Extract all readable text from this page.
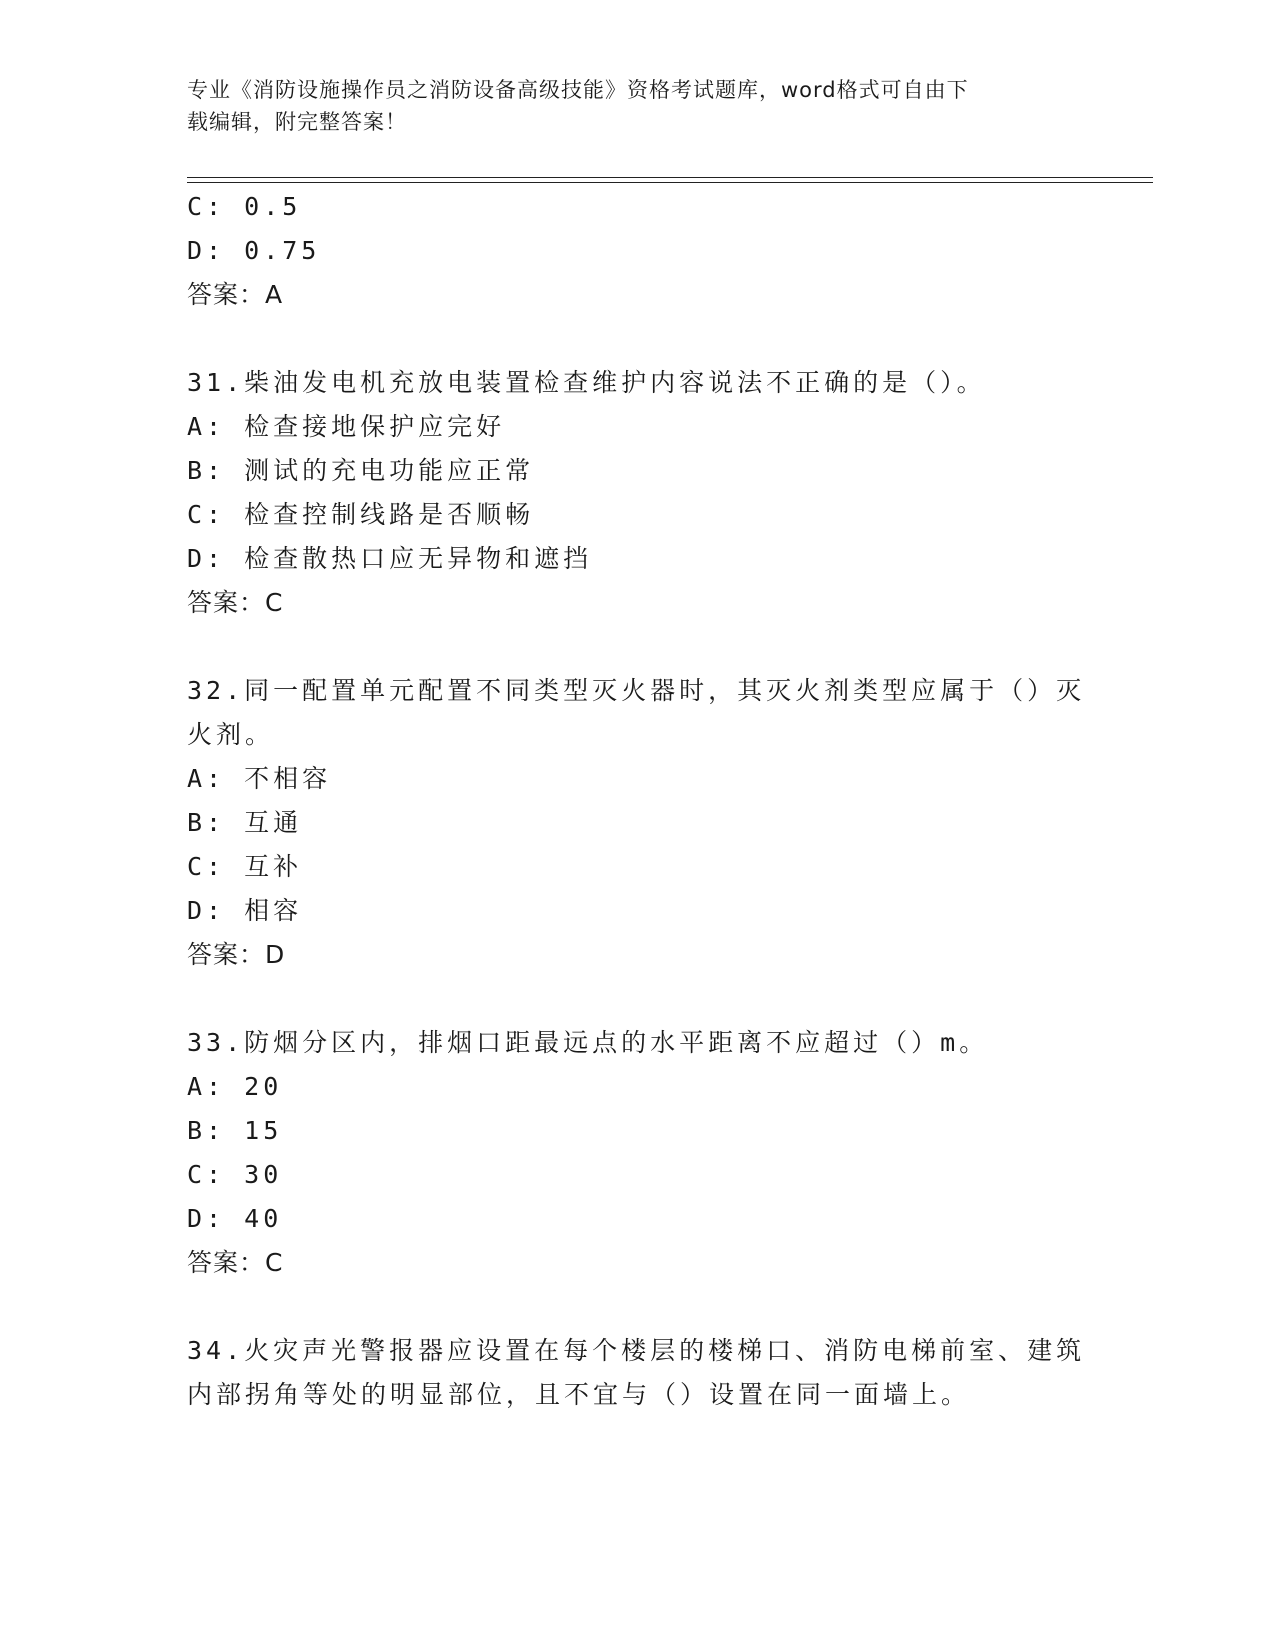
专业《消防设施操作员之消防设备高级技能》资格考试题库，word格式可自由下
载编辑，附完整答案！
C: 0.5
D: 0.75
答案：A
31.柴油发电机充放电装置检查维护内容说法不正确的是（）。
A: 检查接地保护应完好
B: 测试的充电功能应正常
C: 检查控制线路是否顺畅
D: 检查散热口应无异物和遮挡
答案：C
32.同一配置单元配置不同类型灭火器时，其灭火剂类型应属于（）灭
火剂。
A: 不相容
B: 互通
C: 互补
D: 相容
答案：D
33.防烟分区内，排烟口距最远点的水平距离不应超过（）m。
A: 20
B: 15
C: 30
D: 40
答案：C
34.火灾声光警报器应设置在每个楼层的楼梯口、消防电梯前室、建筑
内部拐角等处的明显部位，且不宜与（）设置在同一面墙上。
